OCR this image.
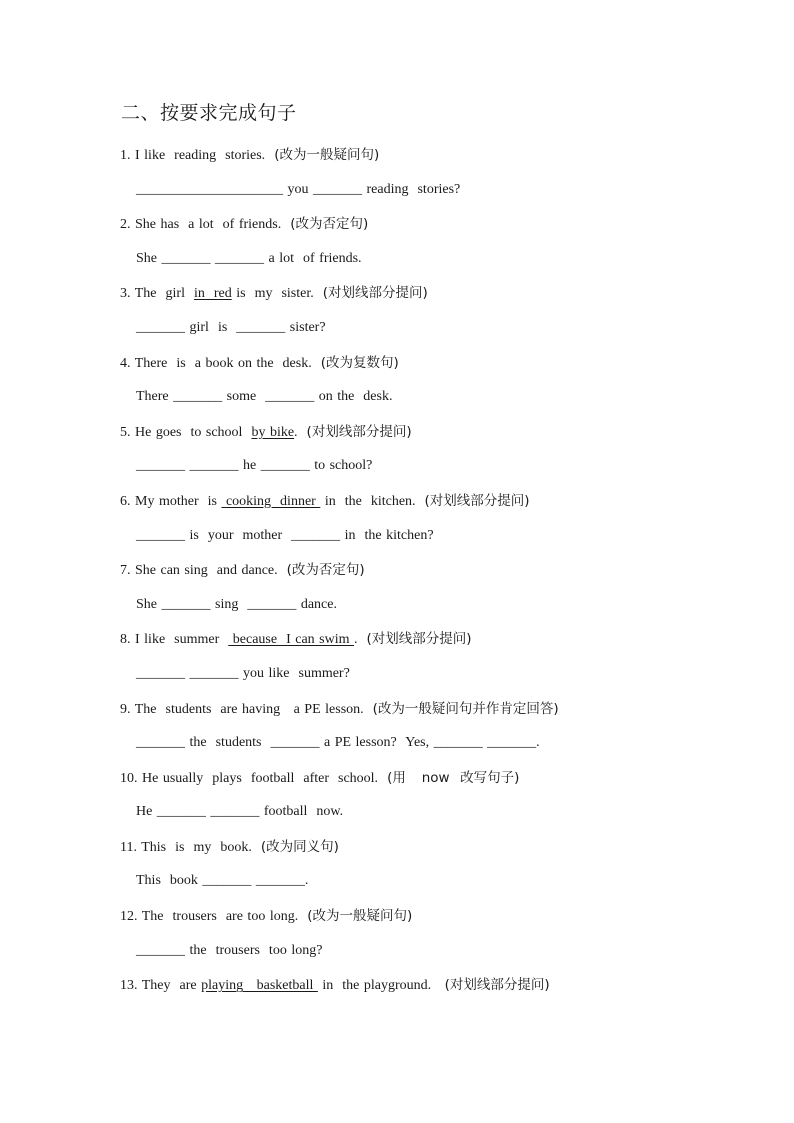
二、按要求完成句子
1. I like  reading  stories.  (改为一般疑问句)
_____________________ you _______ reading  stories?
2. She has  a lot  of friends.  (改为否定句)
She _______ _______ a lot  of friends.
3. The  girl  in  red is  my  sister.  (对划线部分提问)
_______ girl  is  _______ sister?
4. There  is  a book on the  desk.  (改为复数句)
There _______ some  _______ on the  desk.
5. He goes  to school  by bike.  (对划线部分提问)
_______ _______ he _______ to school?
6. My mother  is  cooking  dinner  in  the  kitchen.  (对划线部分提问)
_______ is  your  mother  _______ in  the kitchen?
7. She can sing  and dance.  (改为否定句)
She _______ sing  _______ dance.
8. I like  summer   because  I can swim .  (对划线部分提问)
_______ _______ you like  summer?
9. The  students  are having   a PE lesson.  (改为一般疑问句并作肯定回答)
_______ the  students  _______ a PE lesson?  Yes, _______ _______.
10. He usually  plays  football  after  school.  (用   now  改写句子)
He _______ _______ football  now.
11. This  is  my  book.  (改为同义句)
This  book _______ _______.
12. The  trousers  are too long.  (改为一般疑问句)
_______ the  trousers  too long?
13. They  are playing   basketball  in  the playground.   (对划线部分提问)
